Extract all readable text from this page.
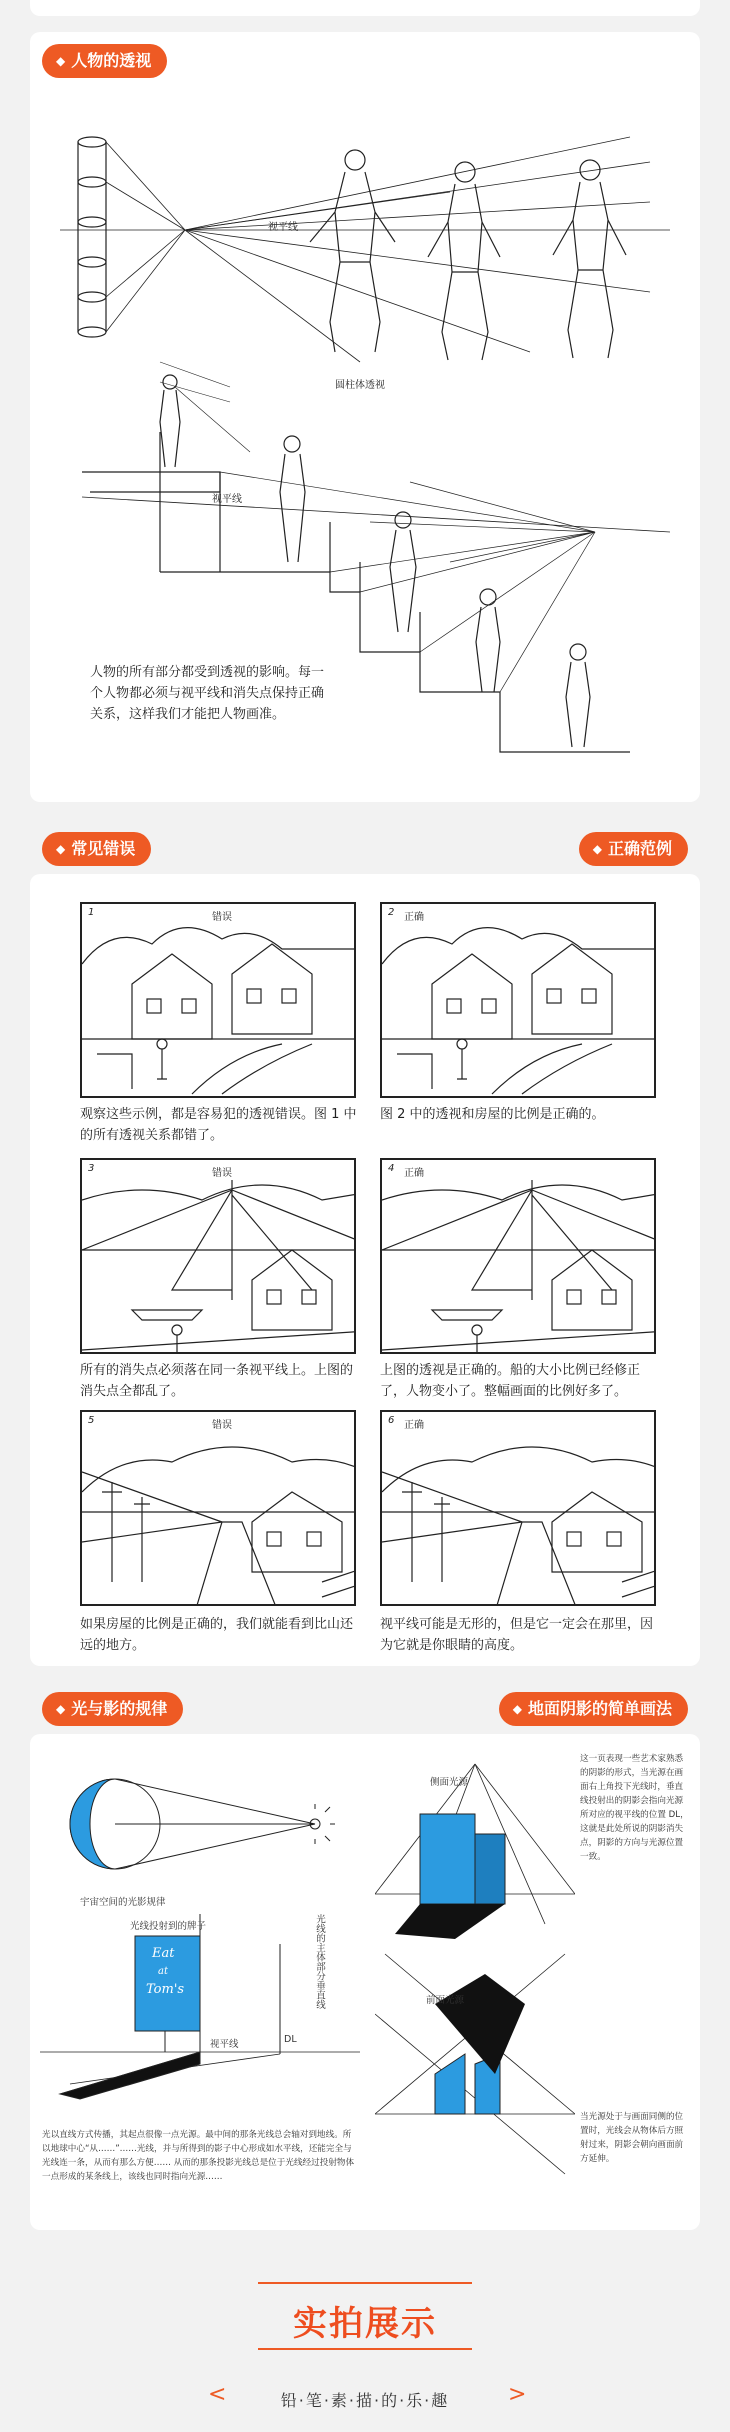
◆ 人物的透视
视平线
圆柱体透视
视平线
人物的所有部分都受到透视的影响。每一个人物都必须与视平线和消失点保持正确关系，这样我们才能把人物画准。
◆ 常见错误	◆ 正确范例
1	错误	2 正确
观察这些示例，都是容易犯的透视错误。图 1 中的所有透视关系都错了。
图 2 中的透视和房屋的比例是正确的。
3	错误	4 正确
所有的消失点必须落在同一条视平线上。上图的消失点全都乱了。
上图的透视是正确的。船的大小比例已经修正了，人物变小了。整幅画面的比例好多了。
5	错误	6 正确
如果房屋的比例是正确的，我们就能看到比山还远的地方。
视平线可能是无形的，但是它一定会在那里，因为它就是你眼睛的高度。
◆ 光与影的规律	◆ 地面阴影的简单画法
宇宙空间的光影规律
光线投射到的牌子
Eat
at
Tom's
视平线
光线的主体部分垂直线
DL
光以直线方式传播，其起点很像一点光源。最中间的那条光线总会轴对到地线。所以地球中心“从……”……光线，并与所得到的影子中心形成如水平线，还能完全与光线连一条，从而有那么方便…… 从而的那条投影光线总是位于光线经过投射物体一点形成的某条线上，该线也同时指向光源……
侧面光源
前面光源
这一页表现一些艺术家熟悉的阴影的形式，当光源在画面右上角投下光线时，垂直线投射出的阴影会指向光源所对应的视平线的位置 DL，这就是此处所说的阴影消失点，阴影的方向与光源位置一致。
当光源处于与画面同侧的位置时，光线会从物体后方照射过来，阴影会朝向画面前方延伸。
实拍展示
<	铅·笔·素·描·的·乐·趣	>
